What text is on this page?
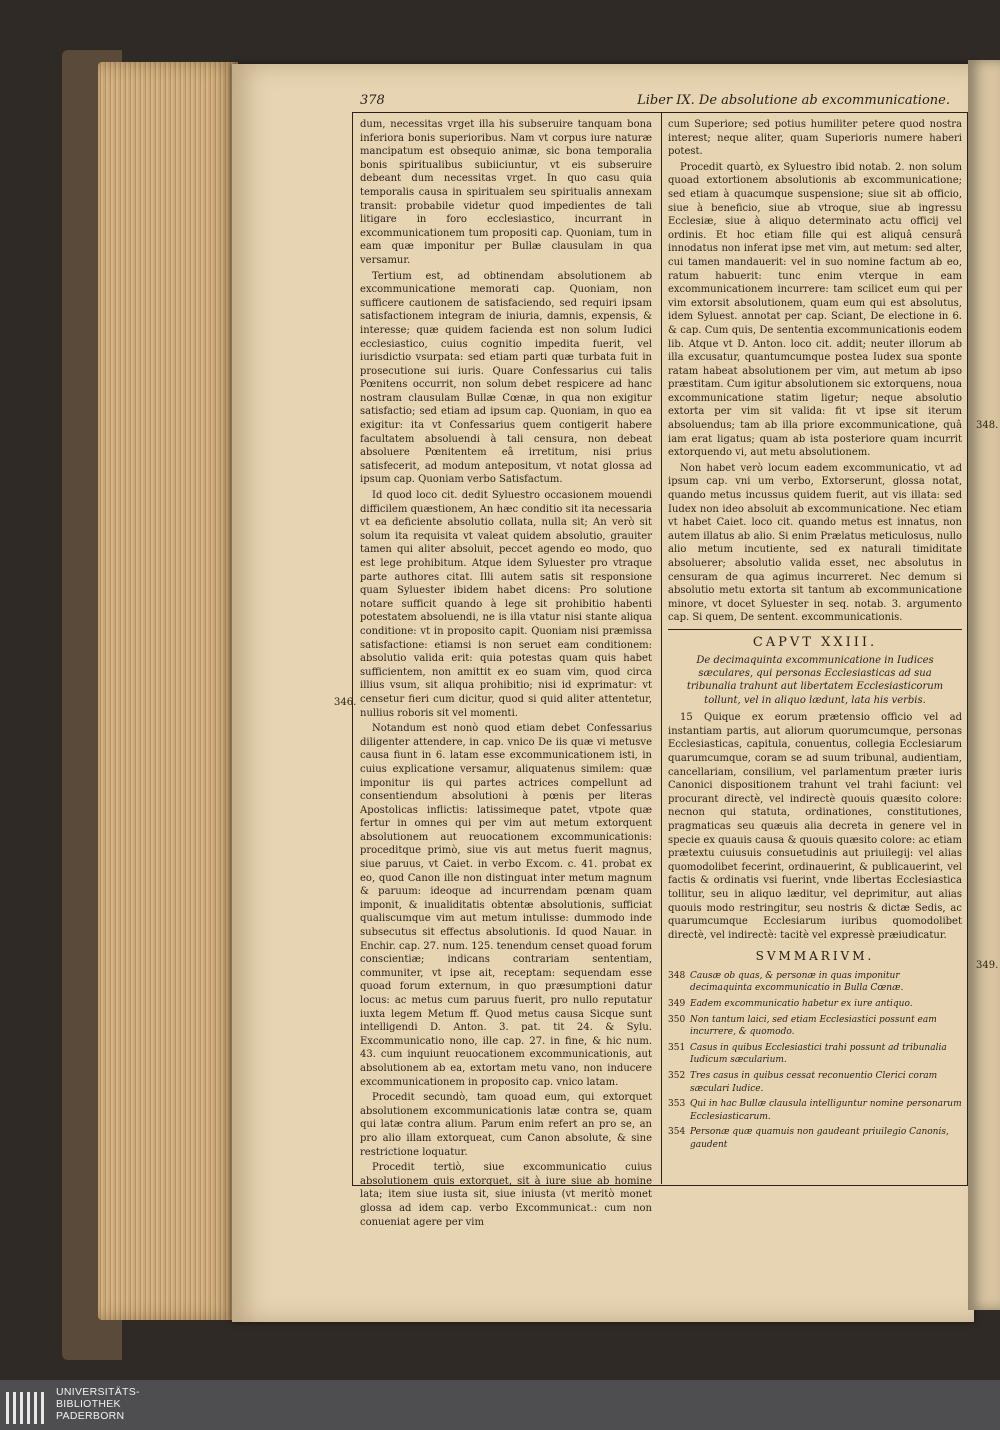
378	Liber IX. De absolutione ab excommunicatione.
346.
348.
349.

dum, necessitas vrget illa his subseruire tanquam bona inferiora bonis superioribus. Nam vt corpus iure naturæ mancipatum est obsequio animæ, sic bona temporalia bonis spiritualibus subiiciuntur, vt eis subseruire debeant dum necessitas vrget. In quo casu quia temporalis causa in spiritualem seu spiritualis annexam transit: probabile videtur quod impedientes de tali litigare in foro ecclesiastico, incurrant in excommunicationem tum propositi cap. Quoniam, tum in eam quæ imponitur per Bullæ clausulam in qua versamur.

Tertium est, ad obtinendam absolutionem ab excommunicatione memorati cap. Quoniam, non sufficere cautionem de satisfaciendo, sed requiri ipsam satisfactionem integram de iniuria, damnis, expensis, & interesse; quæ quidem facienda est non solum Iudici ecclesiastico, cuius cognitio impedita fuerit, vel iurisdictio vsurpata: sed etiam parti quæ turbata fuit in prosecutione sui iuris. Quare Confessarius cui talis Pœnitens occurrit, non solum debet respicere ad hanc nostram clausulam Bullæ Cœnæ, in qua non exigitur satisfactio; sed etiam ad ipsum cap. Quoniam, in quo ea exigitur: ita vt Confessarius quem contigerit habere facultatem absoluendi à tali censura, non debeat absoluere Pœnitentem eâ irretitum, nisi prius satisfecerit, ad modum antepositum, vt notat glossa ad ipsum cap. Quoniam verbo Satisfactum.

Id quod loco cit. dedit Syluestro occasionem mouendi difficilem quæstionem, An hæc conditio sit ita necessaria vt ea deficiente absolutio collata, nulla sit; An verò sit solum ita requisita vt valeat quidem absolutio, grauiter tamen qui aliter absoluit, peccet agendo eo modo, quo est lege prohibitum. Atque idem Syluester pro vtraque parte authores citat. Illi autem satis sit responsione quam Syluester ibidem habet dicens: Pro solutione notare sufficit quando à lege sit prohibitio habenti potestatem absoluendi, ne is illa vtatur nisi stante aliqua conditione: vt in proposito capit. Quoniam nisi præmissa satisfactione: etiamsi is non seruet eam conditionem: absolutio valida erit: quia potestas quam quis habet sufficientem, non amittit ex eo suam vim, quod circa illius vsum, sit aliqua prohibitio; nisi id exprimatur: vt censetur fieri cum dicitur, quod si quid aliter attentetur, nullius roboris sit vel momenti.

Notandum est nonò quod etiam debet Confessarius diligenter attendere, in cap. vnico De iis quæ vi metusve causa fiunt in 6. latam esse excommunicationem isti, in cuius explicatione versamur, aliquatenus similem: quæ imponitur iis qui partes actrices compellunt ad consentiendum absolutioni à pœnis per literas Apostolicas inflictis: latissimeque patet, vtpote quæ fertur in omnes qui per vim aut metum extorquent absolutionem aut reuocationem excommunicationis: proceditque primò, siue vis aut metus fuerit magnus, siue paruus, vt Caiet. in verbo Excom. c. 41. probat ex eo, quod Canon ille non distinguat inter metum magnum & paruum: ideoque ad incurrendam pœnam quam imponit, & inualiditatis obtentæ absolutionis, sufficiat qualiscumque vim aut metum intulisse: dummodo inde subsecutus sit effectus absolutionis. Id quod Nauar. in Enchir. cap. 27. num. 125. tenendum censet quoad forum conscientiæ; indicans contrariam sententiam, communiter, vt ipse ait, receptam: sequendam esse quoad forum externum, in quo præsumptioni datur locus: ac metus cum paruus fuerit, pro nullo reputatur iuxta legem Metum ff. Quod metus causa Sicque sunt intelligendi D. Anton. 3. pat. tit 24. & Sylu. Excommunicatio nono, ille cap. 27. in fine, & hic num. 43. cum inquiunt reuocationem excommunicationis, aut absolutionem ab ea, extortam metu vano, non inducere excommunicationem in proposito cap. vnico latam.

Procedit secundò, tam quoad eum, qui extorquet absolutionem excommunicationis latæ contra se, quam qui latæ contra alium. Parum enim refert an pro se, an pro alio illam extorqueat, cum Canon absolute, & sine restrictione loquatur.

Procedit tertiò, siue excommunicatio cuius absolutionem quis extorquet, sit à iure siue ab homine lata; item siue iusta sit, siue iniusta (vt meritò monet glossa ad idem cap. verbo Excommunicat.: cum non conueniat agere per vim

cum Superiore; sed potius humiliter petere quod nostra interest; neque aliter, quam Superioris numere haberi potest.

Procedit quartò, ex Syluestro ibid notab. 2. non solum quoad extortionem absolutionis ab excommunicatione; sed etiam à quacumque suspensione; siue sit ab officio, siue à beneficio, siue ab vtroque, siue ab ingressu Ecclesiæ, siue à aliquo determinato actu officij vel ordinis. Et hoc etiam fille qui est aliquâ censurâ innodatus non inferat ipse met vim, aut metum: sed alter, cui tamen mandauerit: vel in suo nomine factum ab eo, ratum habuerit: tunc enim vterque in eam excommunicationem incurrere: tam scilicet eum qui per vim extorsit absolutionem, quam eum qui est absolutus, idem Syluest. annotat per cap. Sciant, De electione in 6. & cap. Cum quis, De sententia excommunicationis eodem lib. Atque vt D. Anton. loco cit. addit; neuter illorum ab illa excusatur, quantumcumque postea Iudex sua sponte ratam habeat absolutionem per vim, aut metum ab ipso præstitam. Cum igitur absolutionem sic extorquens, noua excommunicatione statim ligetur; neque absolutio extorta per vim sit valida: fit vt ipse sit iterum absoluendus; tam ab illa priore excommunicatione, quâ iam erat ligatus; quam ab ista posteriore quam incurrit extorquendo vi, aut metu absolutionem.

Non habet verò locum eadem excommunicatio, vt ad ipsum cap. vni um verbo, Extorserunt, glossa notat, quando metus incussus quidem fuerit, aut vis illata: sed Iudex non ideo absoluit ab excommunicatione. Nec etiam vt habet Caiet. loco cit. quando metus est innatus, non autem illatus ab alio. Si enim Prælatus meticulosus, nullo alio metum incutiente, sed ex naturali timiditate absoluerer; absolutio valida esset, nec absolutus in censuram de qua agimus incurreret. Nec demum si absolutio metu extorta sit tantum ab excommunicatione minore, vt docet Syluester in seq. notab. 3. argumento cap. Si quem, De sentent. excommunicationis.

CAPVT XXIII.
De decimaquinta excommunicatione in Iudices sæculares, qui personas Ecclesiasticas ad sua tribunalia trahunt aut libertatem Ecclesiasticorum tollunt, vel in aliquo lædunt, lata his verbis.

15 Quique ex eorum prætensio officio vel ad instantiam partis, aut aliorum quorumcumque, personas Ecclesiasticas, capitula, conuentus, collegia Ecclesiarum quarumcumque, coram se ad suum tribunal, audientiam, cancellariam, consilium, vel parlamentum præter iuris Canonici dispositionem trahunt vel trahi faciunt: vel procurant directè, vel indirectè quouis quæsito colore: necnon qui statuta, ordinationes, constitutiones, pragmaticas seu quæuis alia decreta in genere vel in specie ex quauis causa & quouis quæsito colore: ac etiam prætextu cuiusuis consuetudinis aut priuilegij: vel alias quomodolibet fecerint, ordinauerint, & publicauerint, vel factis & ordinatis vsi fuerint, vnde libertas Ecclesiastica tollitur, seu in aliquo læditur, vel deprimitur, aut alias quouis modo restringitur, seu nostris & dictæ Sedis, ac quarumcumque Ecclesiarum iuribus quomodolibet directè, vel indirectè: tacitè vel expressè præiudicatur.

SVMMARIVM.
348 Causæ ob quas, & personæ in quas imponitur decimaquinta excommunicatio in Bulla Cœnæ.
349 Eadem excommunicatio habetur ex iure antiquo.
350 Non tantum laici, sed etiam Ecclesiastici possunt eam incurrere, & quomodo.
351 Casus in quibus Ecclesiastici trahi possunt ad tribunalia Iudicum sæcularium.
352 Tres casus in quibus cessat reconuentio Clerici coram sæculari Iudice.
353 Qui in hac Bullæ clausula intelliguntur nomine personarum Ecclesiasticarum.
354 Personæ quæ quamuis non gaudeant priuilegio Canonis, gaudent
UNIVERSITÄTS-
BIBLIOTHEK
PADERBORN
